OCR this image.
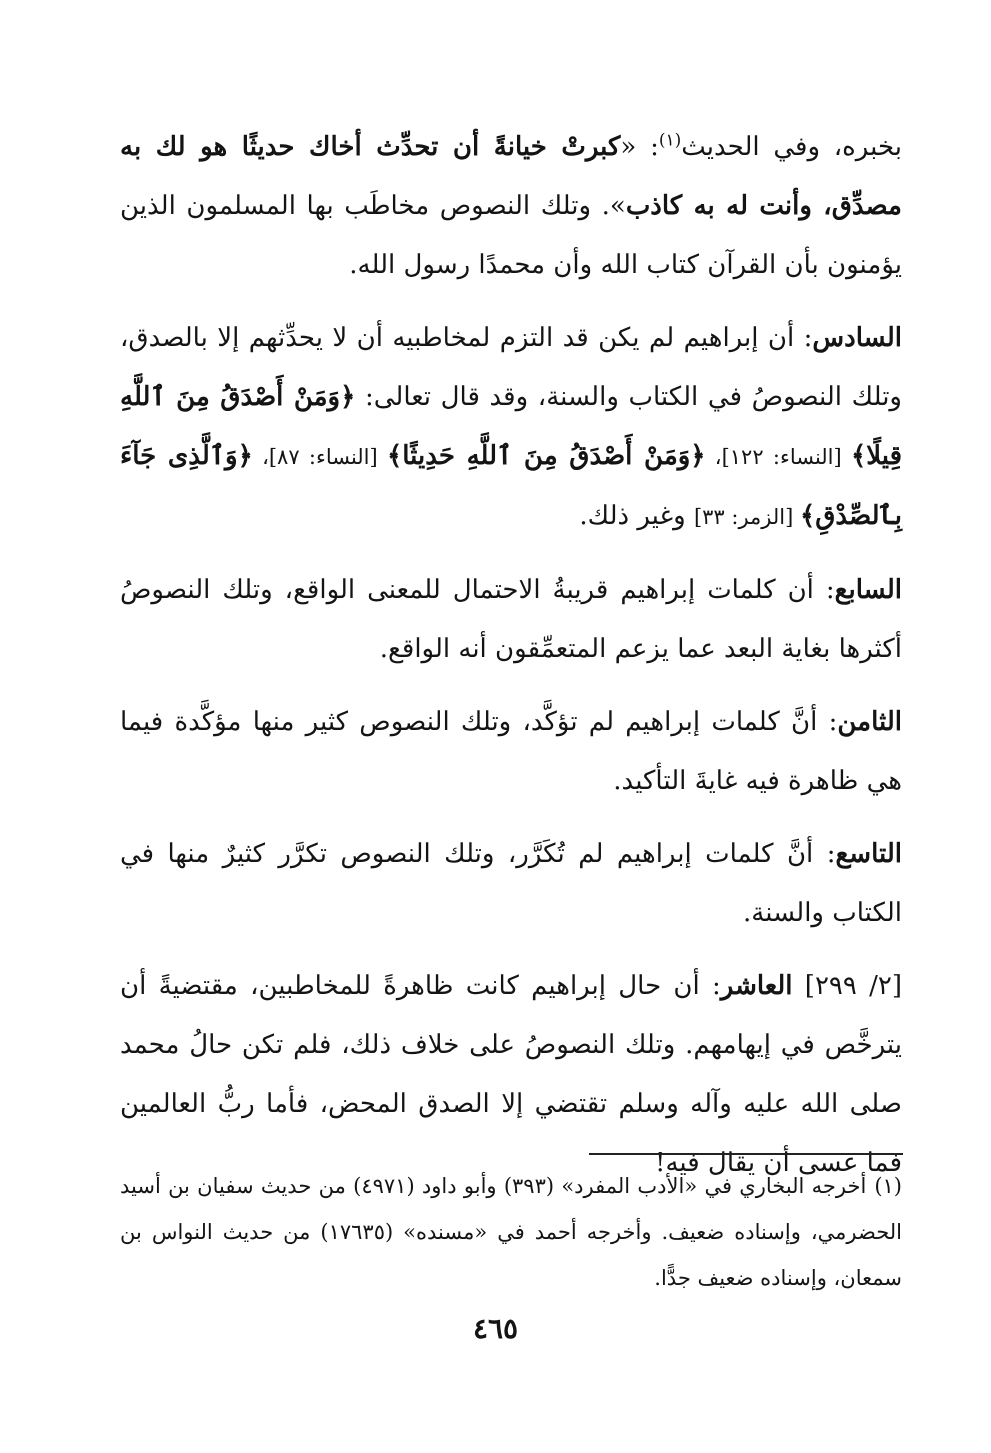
بخبره، وفي الحديث$^{(١)}$: «كبرتْ خيانةً أن تحدِّث أخاك حديثًا هو لك به مصدِّق، وأنت له به كاذب». وتلك النصوص مخاطَب بها المسلمون الذين يؤمنون بأن القرآن كتاب الله وأن محمدًا رسول الله.

السادس: أن إبراهيم لم يكن قد التزم لمخاطبيه أن لا يحدِّثهم إلا بالصدق، وتلك النصوصُ في الكتاب والسنة، وقد قال تعالى: ﴿وَمَنْ أَصْدَقُ مِنَ ٱللَّهِ قِيلًا﴾ [النساء: ١٢٢]، ﴿وَمَنْ أَصْدَقُ مِنَ ٱللَّهِ حَدِيثًا﴾ [النساء: ٨٧]، ﴿وَٱلَّذِى جَآءَ بِٱلصِّدْقِ﴾ [الزمر: ٣٣] وغير ذلك.

السابع: أن كلمات إبراهيم قريبةُ الاحتمال للمعنى الواقع، وتلك النصوصُ أكثرها بغاية البعد عما يزعم المتعمِّقون أنه الواقع.

الثامن: أنَّ كلمات إبراهيم لم تؤكَّد، وتلك النصوص كثير منها مؤكَّدة فيما هي ظاهرة فيه غايةَ التأكيد.

التاسع: أنَّ كلمات إبراهيم لم تُكَرَّر، وتلك النصوص تكرَّر كثيرٌ منها في الكتاب والسنة.

[٢/ ٢٩٩] العاشر: أن حال إبراهيم كانت ظاهرةً للمخاطبين، مقتضيةً أن يترخَّص في إيهامهم. وتلك النصوصُ على خلاف ذلك، فلم تكن حالُ محمد صلى الله عليه وآله وسلم تقتضي إلا الصدق المحض، فأما ربُّ العالمين فما عسى أن يقال فيه!

(١)أخرجه البخاري في «الأدب المفرد» (٣٩٣) وأبو داود (٤٩٧١) من حديث سفيان بن أسيد الحضرمي، وإسناده ضعيف. وأخرجه أحمد في «مسنده» (١٧٦٣٥) من حديث النواس بن سمعان، وإسناده ضعيف جدًّا.

٤٦٥
